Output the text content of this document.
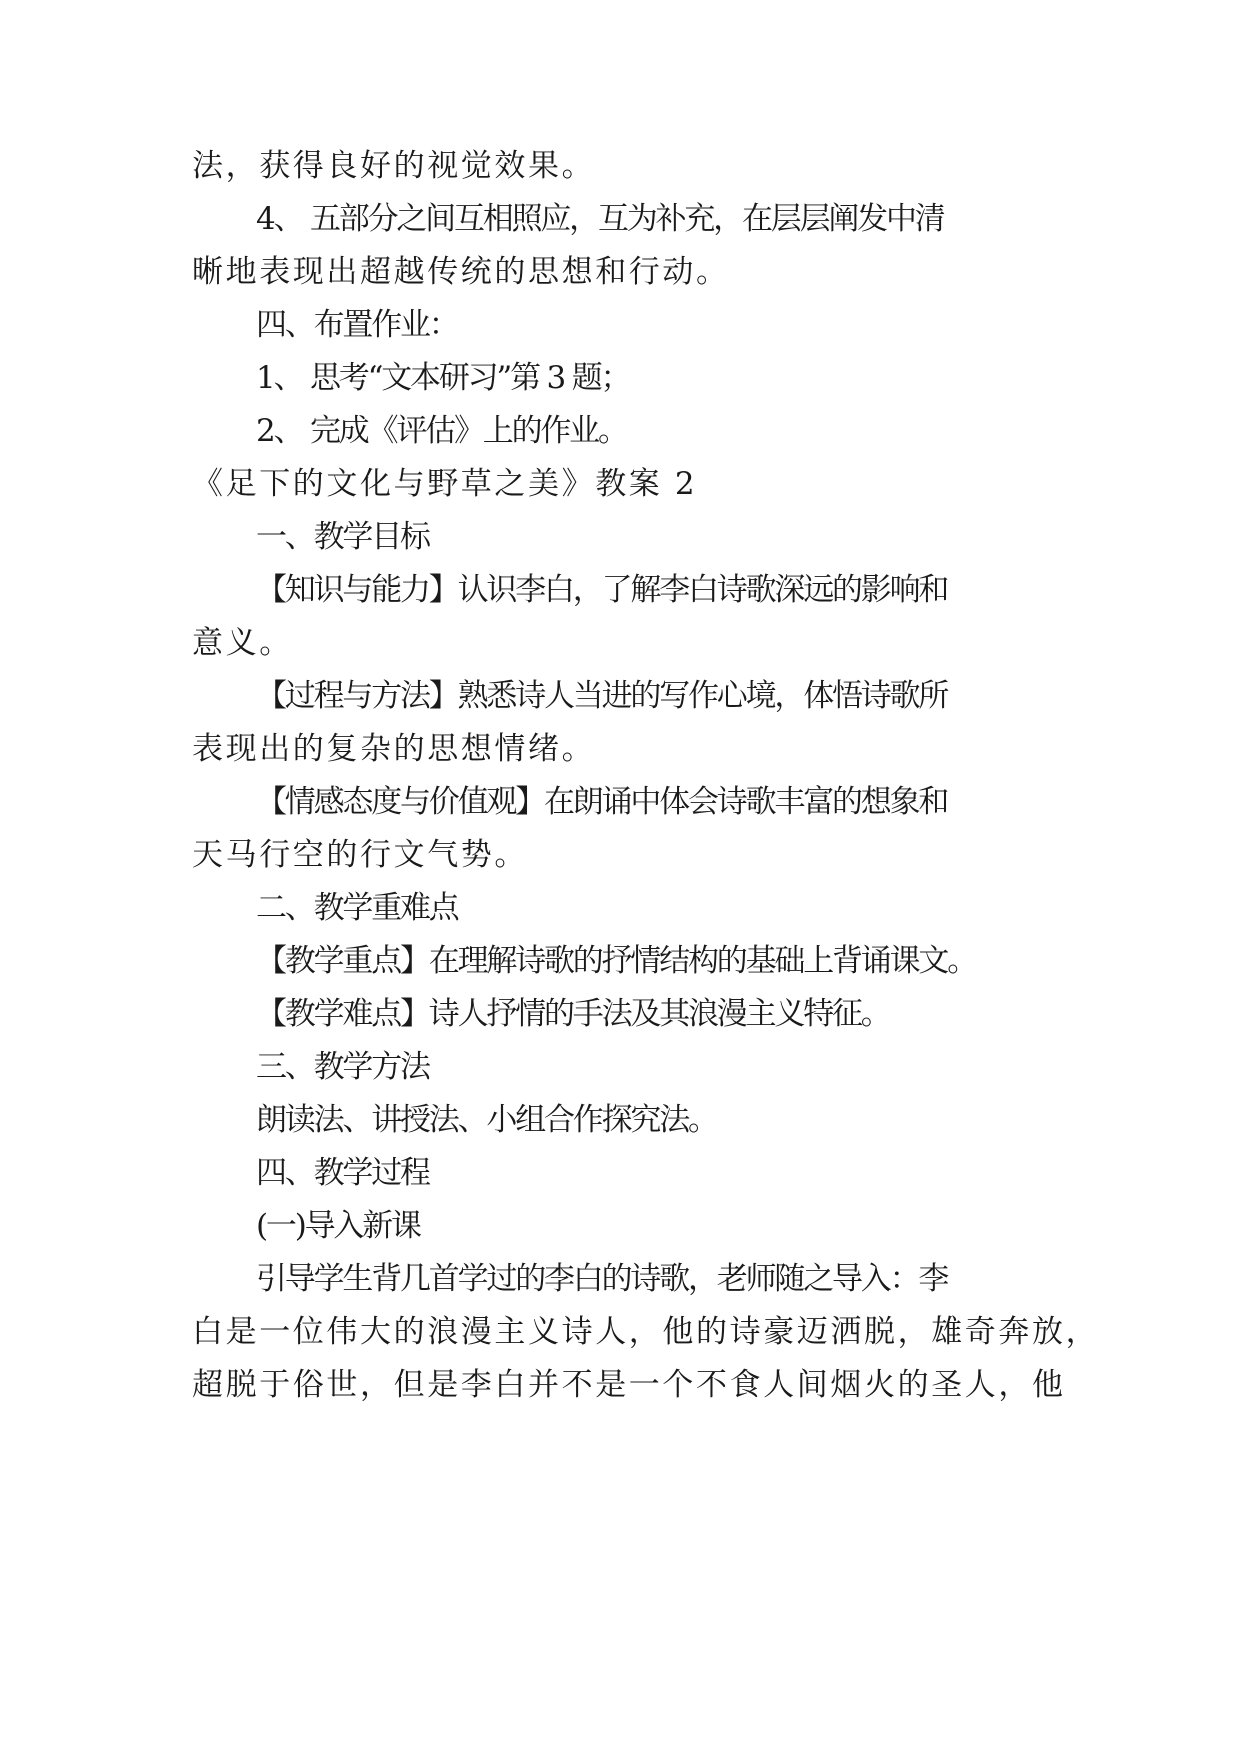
法，获得良好的视觉效果。
4、 五部分之间互相照应，互为补充，在层层阐发中清
晰地表现出超越传统的思想和行动。
四、布置作业：
1、 思考“文本研习”第 3 题；
2、 完成《评估》上的作业。
《足下的文化与野草之美》教案 2
一、教学目标
【知识与能力】认识李白，了解李白诗歌深远的影响和
意义。
【过程与方法】熟悉诗人当进的写作心境，体悟诗歌所
表现出的复杂的思想情绪。
【情感态度与价值观】在朗诵中体会诗歌丰富的想象和
天马行空的行文气势。
二、教学重难点
【教学重点】在理解诗歌的抒情结构的基础上背诵课文。
【教学难点】诗人抒情的手法及其浪漫主义特征。
三、教学方法
朗读法、讲授法、小组合作探究法。
四、教学过程
(一)导入新课
引导学生背几首学过的李白的诗歌，老师随之导入：李
白是一位伟大的浪漫主义诗人，他的诗豪迈洒脱，雄奇奔放，
超脱于俗世，但是李白并不是一个不食人间烟火的圣人，他
